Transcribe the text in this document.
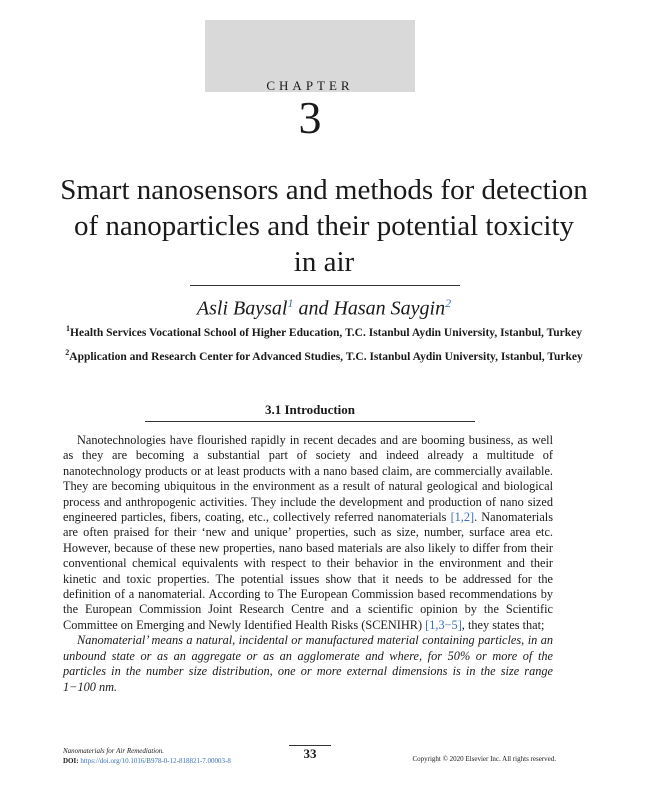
CHAPTER
3
Smart nanosensors and methods for detection of nanoparticles and their potential toxicity in air
Asli Baysal$^1$ and Hasan Saygin$^2$
$^1$Health Services Vocational School of Higher Education, T.C. Istanbul Aydin University, Istanbul, Turkey $^2$Application and Research Center for Advanced Studies, T.C. Istanbul Aydin University, Istanbul, Turkey
3.1 Introduction

Nanotechnologies have flourished rapidly in recent decades and are booming business, as well as they are becoming a substantial part of society and indeed already a multitude of nanotechnology products or at least products with a nano based claim, are commercially available. They are becoming ubiquitous in the environment as a result of natural geological and biological process and anthropogenic activities. They include the development and production of nano sized engineered particles, fibers, coating, etc., collectively referred nanomaterials [1,2]. Nanomaterials are often praised for their ‘new and unique’ properties, such as size, number, surface area etc. However, because of these new properties, nano based materials are also likely to differ from their conventional chemical equivalents with respect to their behavior in the environment and their kinetic and toxic properties. The potential issues show that it needs to be addressed for the definition of a nanomaterial. According to The European Commission based recommendations by the European Commission Joint Research Centre and a scientific opinion by the Scientific Committee on Emerging and Newly Identified Health Risks (SCENIHR) [1,3−5], they states that;

Nanomaterial’ means a natural, incidental or manufactured material containing particles, in an unbound state or as an aggregate or as an agglomerate and where, for 50% or more of the particles in the number size distribution, one or more external dimensions is in the size range 1−100 nm.

Nanomaterials for Air Remediation.
DOI: https://doi.org/10.1016/B978-0-12-818821-7.00003-8	33	Copyright © 2020 Elsevier Inc. All rights reserved.
